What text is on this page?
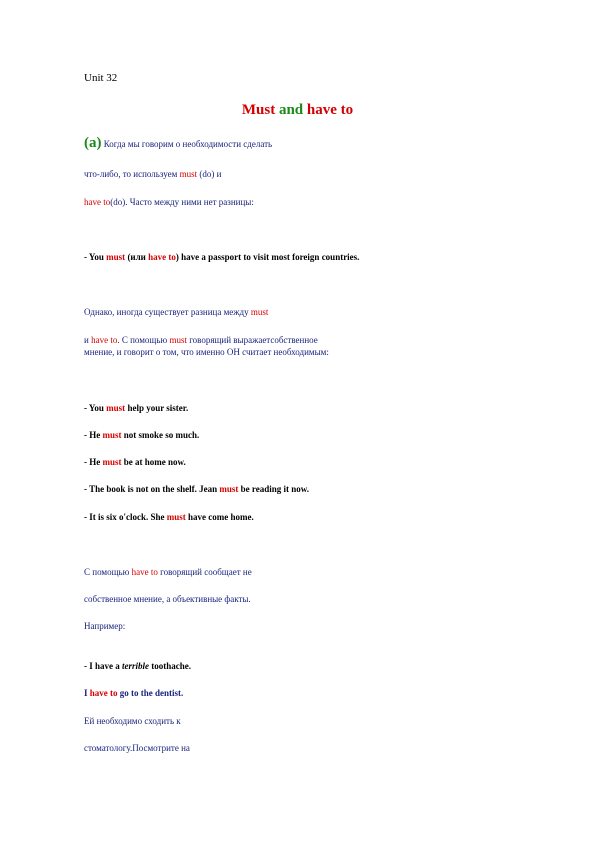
Unit 32
Must and have to
(a) Когда мы говорим о необходимости сделать
что-либо, то используем must (do) и
have to(do). Часто между ними нет разницы:
- You must (или have to) have a passport to visit most foreign countries.
Однако, иногда существует разница между must
и have to. С помощью must говорящий выражаетсобственное
мнение, и говорит о том, что именно ОН считает необходимым:
- You must help your sister.
- He must not smoke so much.
- He must be at home now.
- The book is not on the shelf. Jean must be reading it now.
- It is six o'clock. She must have come home.
С помощью have to говорящий сообщает не
собственное мнение, а объективные факты.
Например:
- I have a terrible toothache.
I have to go to the dentist.
Ей необходимо сходить к
стоматологу.Посмотрите на
